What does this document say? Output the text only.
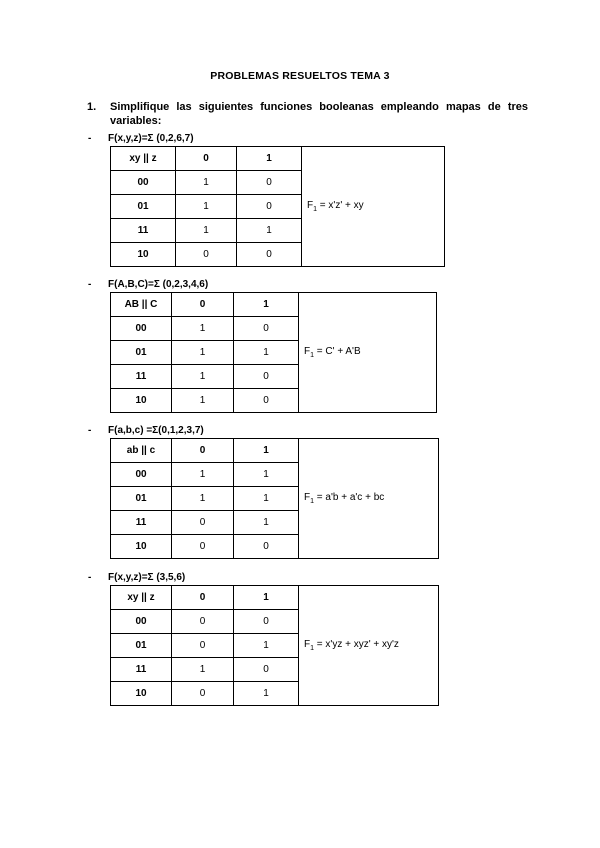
PROBLEMAS RESUELTOS TEMA 3
1. Simplifique las siguientes funciones booleanas empleando mapas de tres
variables:
- F(x,y,z)=Σ (0,2,6,7)
xy || z	0	1	$F_1 = x'z'$ + xy
00	1	0	
01	1	0	
11	1	1	
10	0	0	
- F(A,B,C)=Σ (0,2,3,4,6)
AB || C	0	1	$F_1 = C' + A'B$
00	1	0	
01	1	1	
11	1	0	
10	1	0	
- F(a,b,c) =Σ(0,1,2,3,7)
ab || c	0	1	$F_1 = a'b + a'c$ + bc
00	1	1	
01	1	1	
11	0	1	
10	0	0	
- F(x,y,z)=Σ (3,5,6)
xy || z	0	1	$F_1 = x'yz + xyz' + xy'z$
00	0	0	
01	0	1	
11	1	0	
10	0	1	
